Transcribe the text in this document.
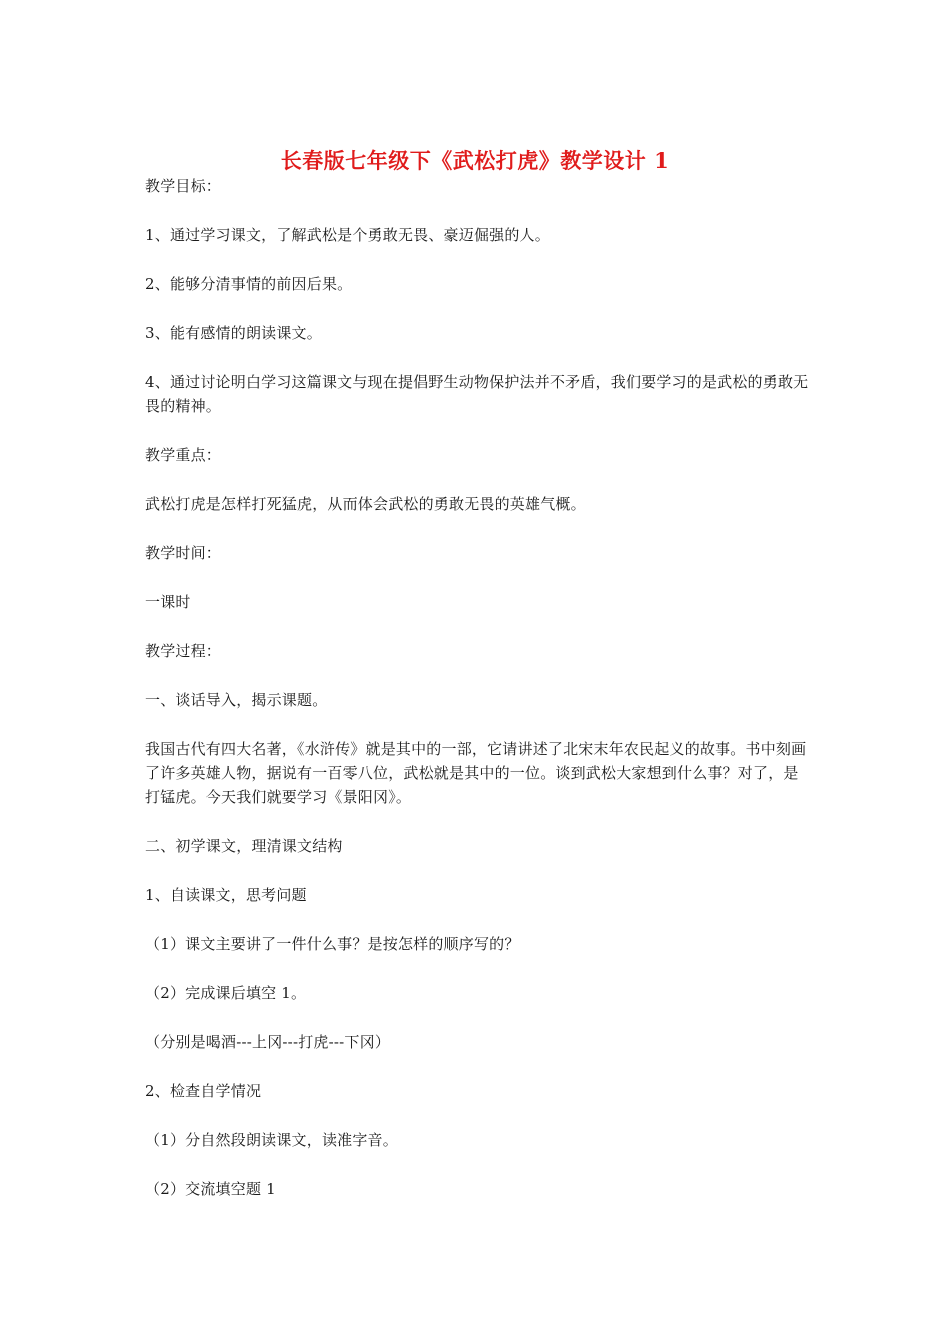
长春版七年级下《武松打虎》教学设计 1

教学目标：

1、通过学习课文，了解武松是个勇敢无畏、豪迈倔强的人。

2、能够分清事情的前因后果。

3、能有感情的朗读课文。

4、通过讨论明白学习这篇课文与现在提倡野生动物保护法并不矛盾，我们要学习的是武松的勇敢无畏的精神。

教学重点：

武松打虎是怎样打死猛虎，从而体会武松的勇敢无畏的英雄气概。

教学时间：

一课时

教学过程：

一、谈话导入，揭示课题。

我国古代有四大名著，《水浒传》就是其中的一部，它请讲述了北宋末年农民起义的故事。书中刻画了许多英雄人物，据说有一百零八位，武松就是其中的一位。谈到武松大家想到什么事？对了，是打锰虎。今天我们就要学习《景阳冈》。

二、初学课文，理清课文结构

1、自读课文，思考问题

（1）课文主要讲了一件什么事？是按怎样的顺序写的？

（2）完成课后填空 1。

（分别是喝酒---上冈---打虎---下冈）

2、检查自学情况

（1）分自然段朗读课文，读准字音。

（2）交流填空题 1
